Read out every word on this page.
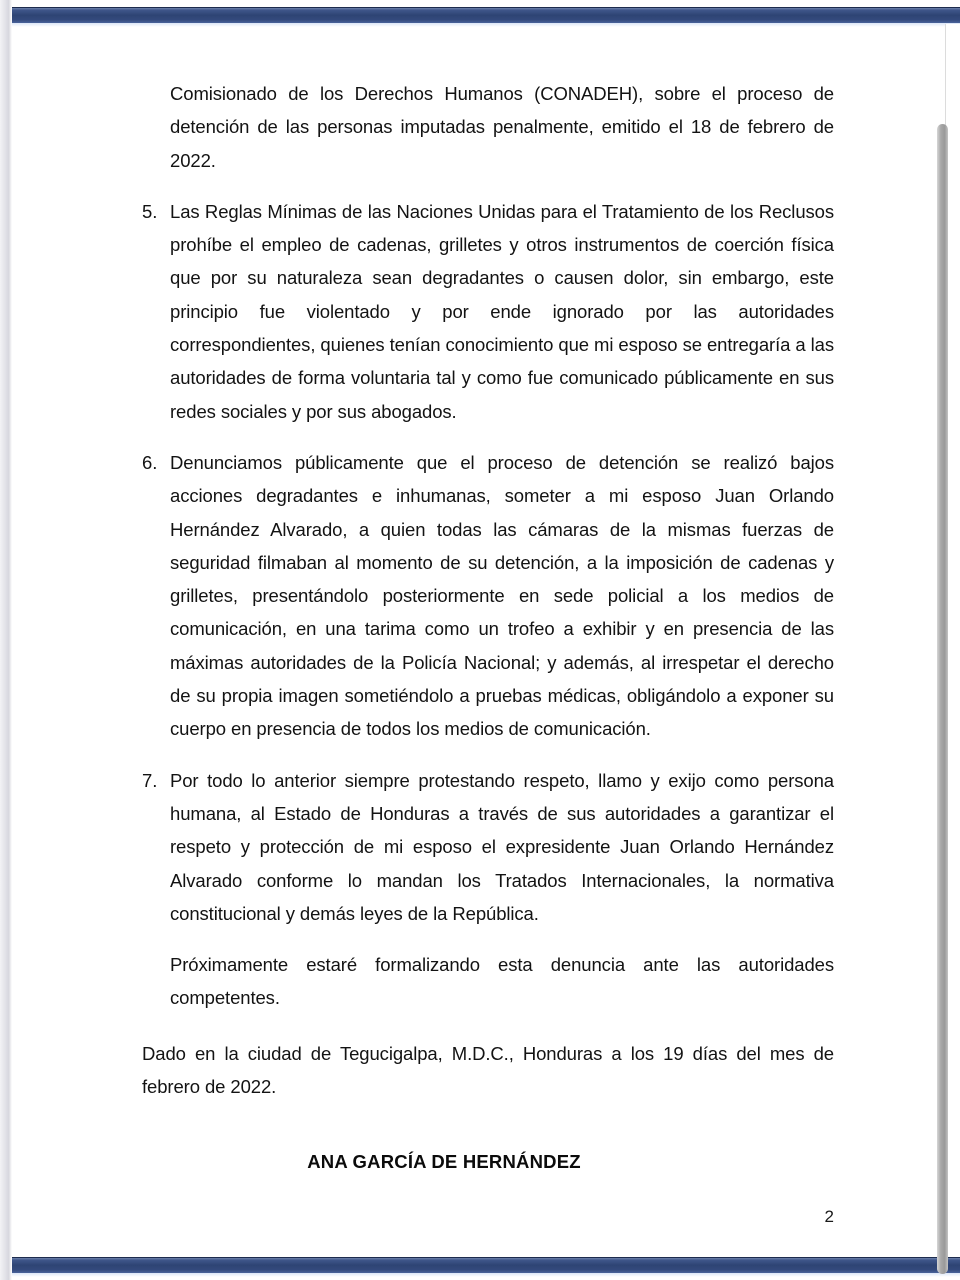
Comisionado de los Derechos Humanos (CONADEH), sobre el proceso de detención de las personas imputadas penalmente, emitido el 18 de febrero de 2022.

5. Las Reglas Mínimas de las Naciones Unidas para el Tratamiento de los Reclusos prohíbe el empleo de cadenas, grilletes y otros instrumentos de coerción física que por su naturaleza sean degradantes o causen dolor, sin embargo, este principio fue violentado y por ende ignorado por las autoridades correspondientes, quienes tenían conocimiento que mi esposo se entregaría a las autoridades de forma voluntaria tal y como fue comunicado públicamente en sus redes sociales y por sus abogados.
6. Denunciamos públicamente que el proceso de detención se realizó bajos acciones degradantes e inhumanas, someter a mi esposo Juan Orlando Hernández Alvarado, a quien todas las cámaras de la mismas fuerzas de seguridad filmaban al momento de su detención, a la imposición de cadenas y grilletes, presentándolo posteriormente en sede policial a los medios de comunicación, en una tarima como un trofeo a exhibir y en presencia de las máximas autoridades de la Policía Nacional; y además, al irrespetar el derecho de su propia imagen sometiéndolo a pruebas médicas, obligándolo a exponer su cuerpo en presencia de todos los medios de comunicación.
7. Por todo lo anterior siempre protestando respeto, llamo y exijo como persona humana, al Estado de Honduras a través de sus autoridades a garantizar el respeto y protección de mi esposo el expresidente Juan Orlando Hernández Alvarado conforme lo mandan los Tratados Internacionales, la normativa constitucional y demás leyes de la República.

Próximamente estaré formalizando esta denuncia ante las autoridades competentes.

Dado en la ciudad de Tegucigalpa, M.D.C., Honduras a los 19 días del mes de febrero de 2022.

ANA GARCÍA DE HERNÁNDEZ
2
